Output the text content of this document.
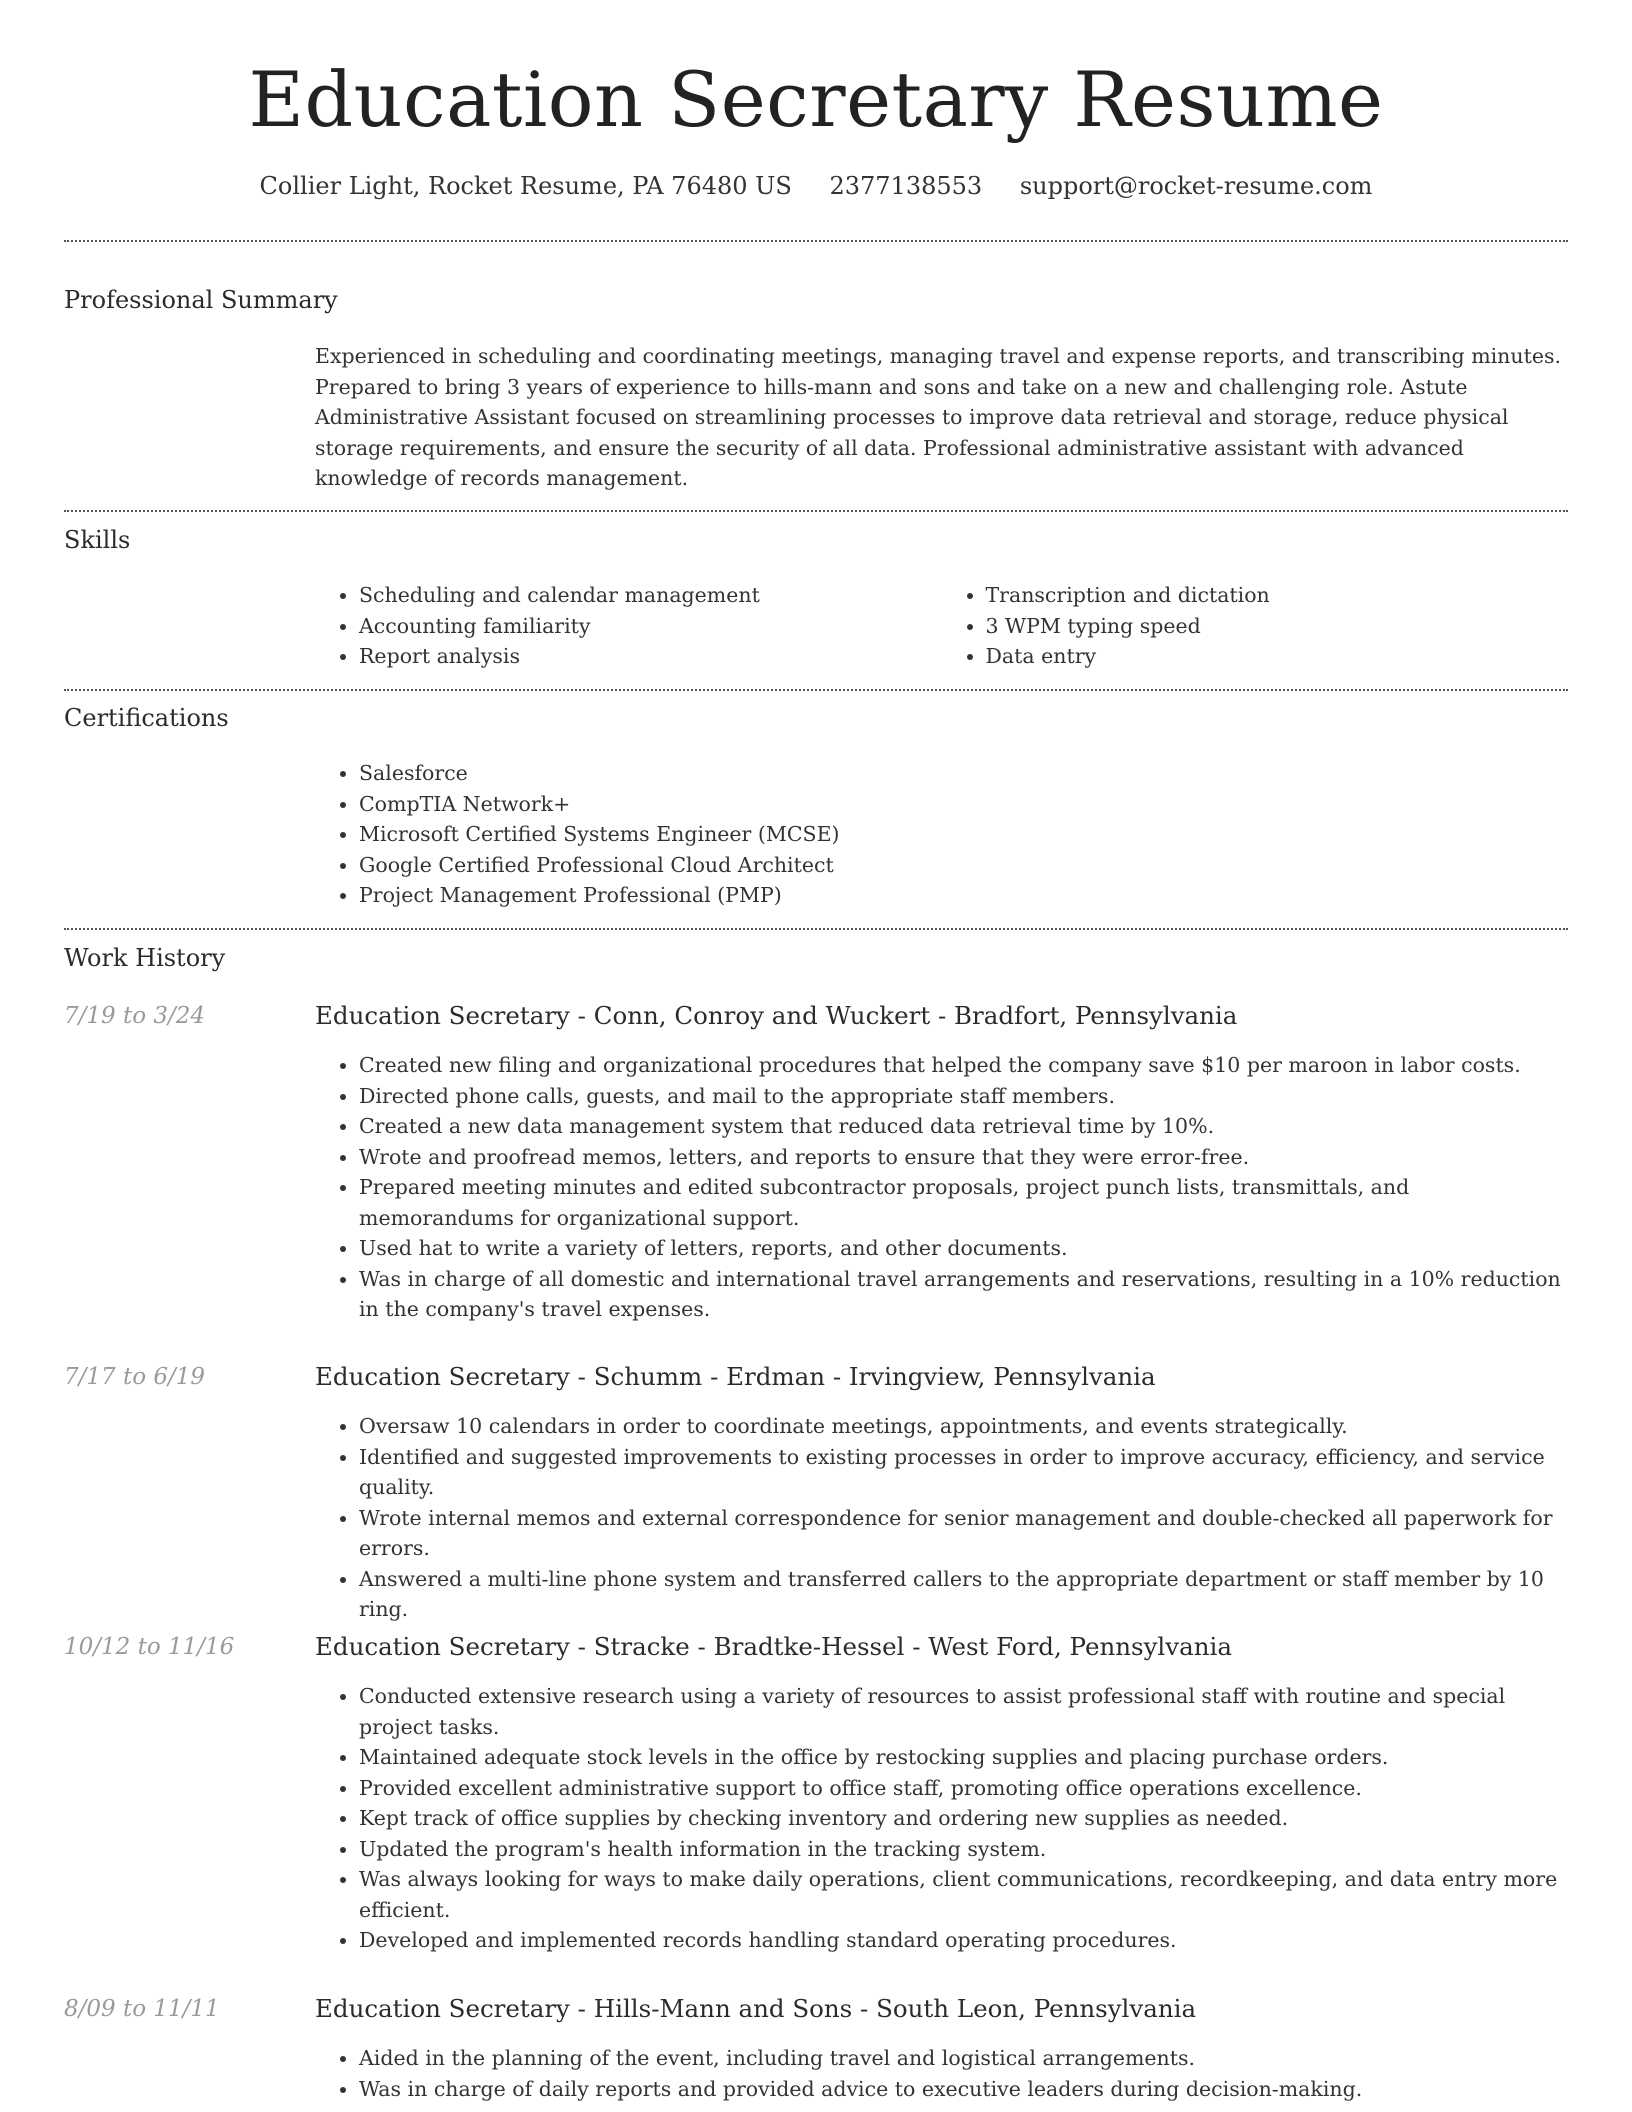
Education Secretary Resume
Collier Light, Rocket Resume, PA 76480 US 2377138553 support@rocket-resume.com
Professional Summary

Experienced in scheduling and coordinating meetings, managing travel and expense reports, and transcribing minutes. Prepared to bring 3 years of experience to hills-mann and sons and take on a new and challenging role. Astute Administrative Assistant focused on streamlining processes to improve data retrieval and storage, reduce physical storage requirements, and ensure the security of all data. Professional administrative assistant with advanced knowledge of records management.

Skills
• Scheduling and calendar management
• Accounting familiarity
• Report analysis
• Transcription and dictation
• 3 WPM typing speed
• Data entry
Certifications
• Salesforce
• CompTIA Network+
• Microsoft Certified Systems Engineer (MCSE)
• Google Certified Professional Cloud Architect
• Project Management Professional (PMP)
Work History
7/19 to 3/24	Education Secretary - Conn, Conroy and Wuckert - Bradfort, Pennsylvania
• Created new filing and organizational procedures that helped the company save $10 per maroon in labor costs.
• Directed phone calls, guests, and mail to the appropriate staff members.
• Created a new data management system that reduced data retrieval time by 10%.
• Wrote and proofread memos, letters, and reports to ensure that they were error-free.
• Prepared meeting minutes and edited subcontractor proposals, project punch lists, transmittals, and memorandums for organizational support.
• Used hat to write a variety of letters, reports, and other documents.
• Was in charge of all domestic and international travel arrangements and reservations, resulting in a 10% reduction in the company's travel expenses.
7/17 to 6/19	Education Secretary - Schumm - Erdman - Irvingview, Pennsylvania
• Oversaw 10 calendars in order to coordinate meetings, appointments, and events strategically.
• Identified and suggested improvements to existing processes in order to improve accuracy, efficiency, and service quality.
• Wrote internal memos and external correspondence for senior management and double-checked all paperwork for errors.
• Answered a multi-line phone system and transferred callers to the appropriate department or staff member by 10 ring.
10/12 to 11/16	Education Secretary - Stracke - Bradtke-Hessel - West Ford, Pennsylvania
• Conducted extensive research using a variety of resources to assist professional staff with routine and special project tasks.
• Maintained adequate stock levels in the office by restocking supplies and placing purchase orders.
• Provided excellent administrative support to office staff, promoting office operations excellence.
• Kept track of office supplies by checking inventory and ordering new supplies as needed.
• Updated the program's health information in the tracking system.
• Was always looking for ways to make daily operations, client communications, recordkeeping, and data entry more efficient.
• Developed and implemented records handling standard operating procedures.
8/09 to 11/11	Education Secretary - Hills-Mann and Sons - South Leon, Pennsylvania
• Aided in the planning of the event, including travel and logistical arrangements.
• Was in charge of daily reports and provided advice to executive leaders during decision-making.
